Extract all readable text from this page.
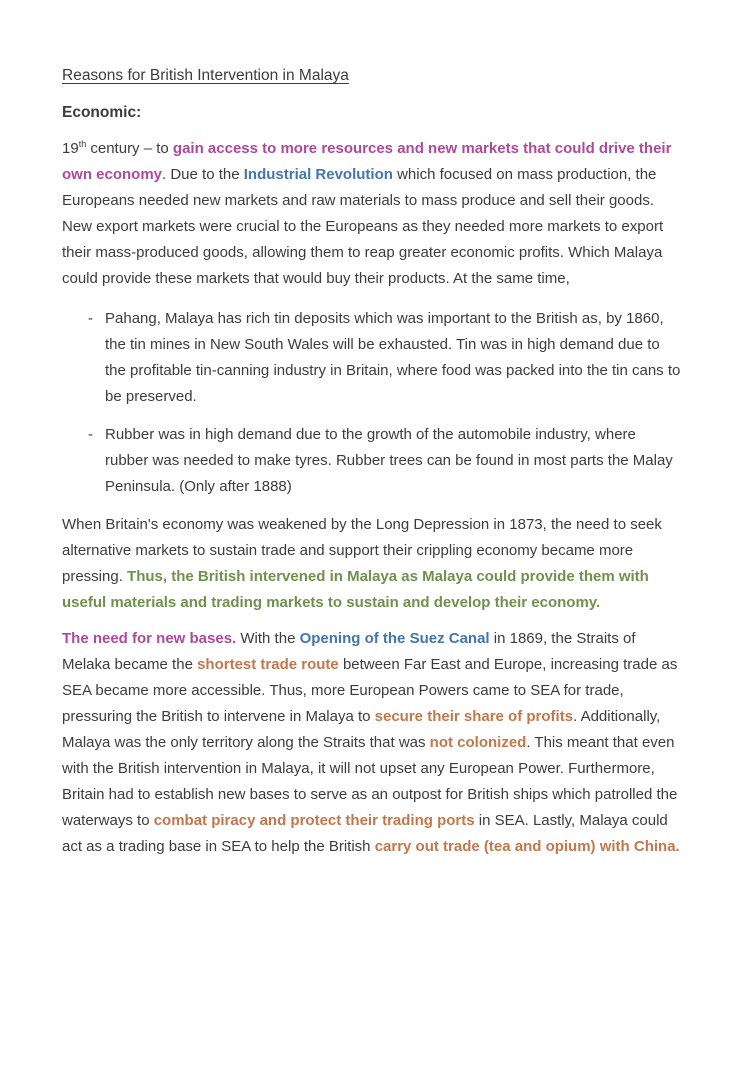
Reasons for British Intervention in Malaya
Economic:

19th century – to gain access to more resources and new markets that could drive their own economy. Due to the Industrial Revolution which focused on mass production, the Europeans needed new markets and raw materials to mass produce and sell their goods. New export markets were crucial to the Europeans as they needed more markets to export their mass-produced goods, allowing them to reap greater economic profits. Which Malaya could provide these markets that would buy their products. At the same time,

- Pahang, Malaya has rich tin deposits which was important to the British as, by 1860, the tin mines in New South Wales will be exhausted. Tin was in high demand due to the profitable tin-canning industry in Britain, where food was packed into the tin cans to be preserved.
- Rubber was in high demand due to the growth of the automobile industry, where rubber was needed to make tyres. Rubber trees can be found in most parts the Malay Peninsula. (Only after 1888)

When Britain's economy was weakened by the Long Depression in 1873, the need to seek alternative markets to sustain trade and support their crippling economy became more pressing. Thus, the British intervened in Malaya as Malaya could provide them with useful materials and trading markets to sustain and develop their economy.

The need for new bases. With the Opening of the Suez Canal in 1869, the Straits of Melaka became the shortest trade route between Far East and Europe, increasing trade as SEA became more accessible. Thus, more European Powers came to SEA for trade, pressuring the British to intervene in Malaya to secure their share of profits. Additionally, Malaya was the only territory along the Straits that was not colonized. This meant that even with the British intervention in Malaya, it will not upset any European Power. Furthermore, Britain had to establish new bases to serve as an outpost for British ships which patrolled the waterways to combat piracy and protect their trading ports in SEA. Lastly, Malaya could act as a trading base in SEA to help the British carry out trade (tea and opium) with China.
